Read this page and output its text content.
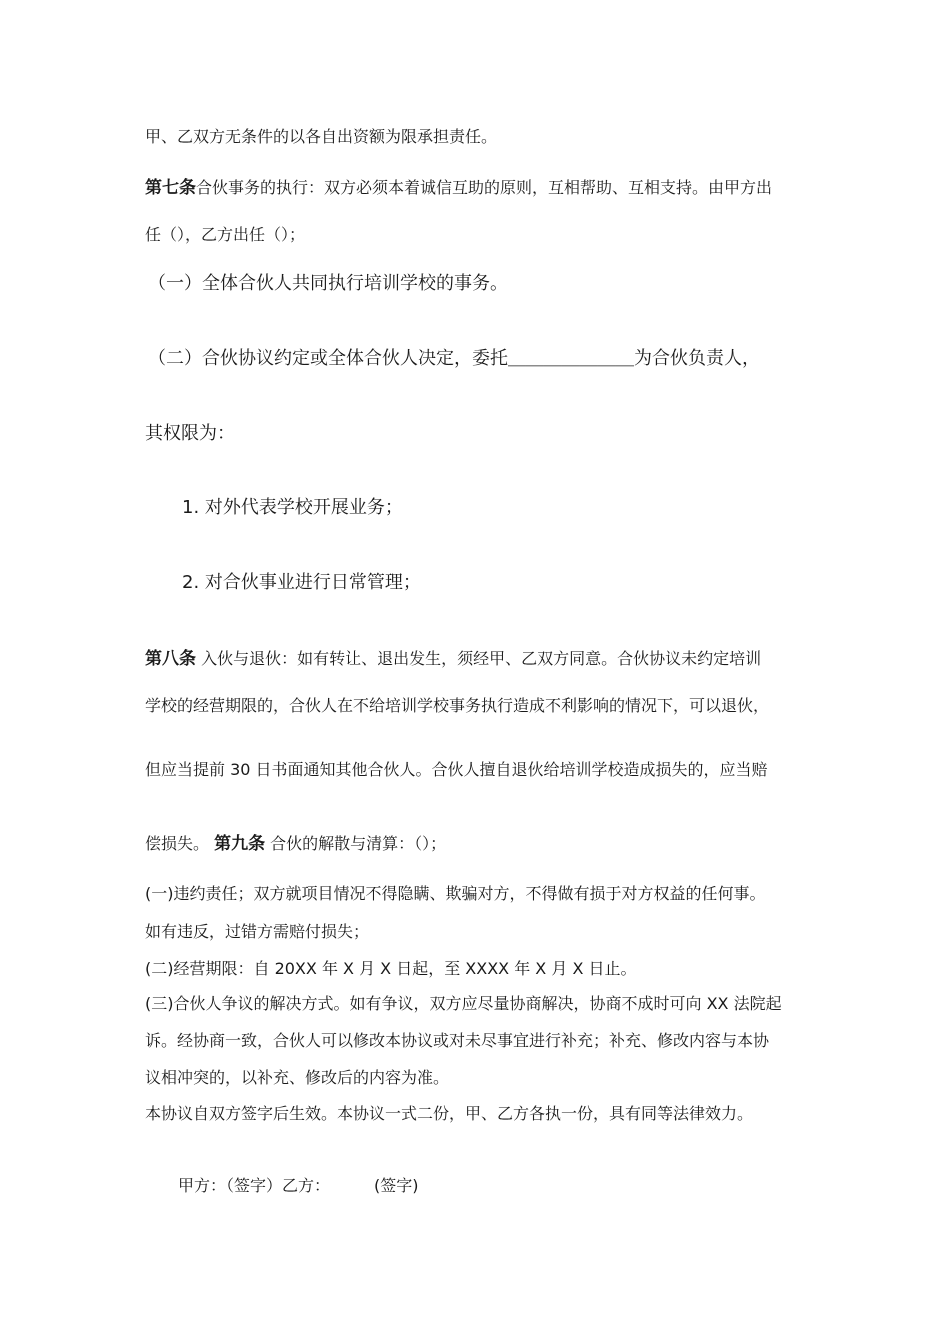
甲、乙双方无条件的以各自出资额为限承担责任。
第七条合伙事务的执行：双方必须本着诚信互助的原则，互相帮助、互相支持。由甲方出
任（），乙方出任（）；
（一）全体合伙人共同执行培训学校的事务。
（二）合伙协议约定或全体合伙人决定，委托＿＿＿＿＿＿＿为合伙负责人，
其权限为：
1. 对外代表学校开展业务；
2. 对合伙事业进行日常管理；
第八条 入伙与退伙：如有转让、退出发生，须经甲、乙双方同意。合伙协议未约定培训
学校的经营期限的，合伙人在不给培训学校事务执行造成不利影响的情况下，可以退伙，
但应当提前 30 日书面通知其他合伙人。合伙人擅自退伙给培训学校造成损失的，应当赔
偿损失。 第九条 合伙的解散与清算：（）；
(一)违约责任；双方就项目情况不得隐瞒、欺骗对方，不得做有损于对方权益的任何事。
如有违反，过错方需赔付损失；
(二)经营期限：自 20XX 年 X 月 X 日起，至 XXXX 年 X 月 X 日止。
(三)合伙人争议的解决方式。如有争议，双方应尽量协商解决，协商不成时可向 XX 法院起
诉。经协商一致，合伙人可以修改本协议或对未尽事宜进行补充；补充、修改内容与本协
议相冲突的，以补充、修改后的内容为准。
本协议自双方签字后生效。本协议一式二份，甲、乙方各执一份，具有同等法律效力。
甲方：（签字）乙方：	(签字)
